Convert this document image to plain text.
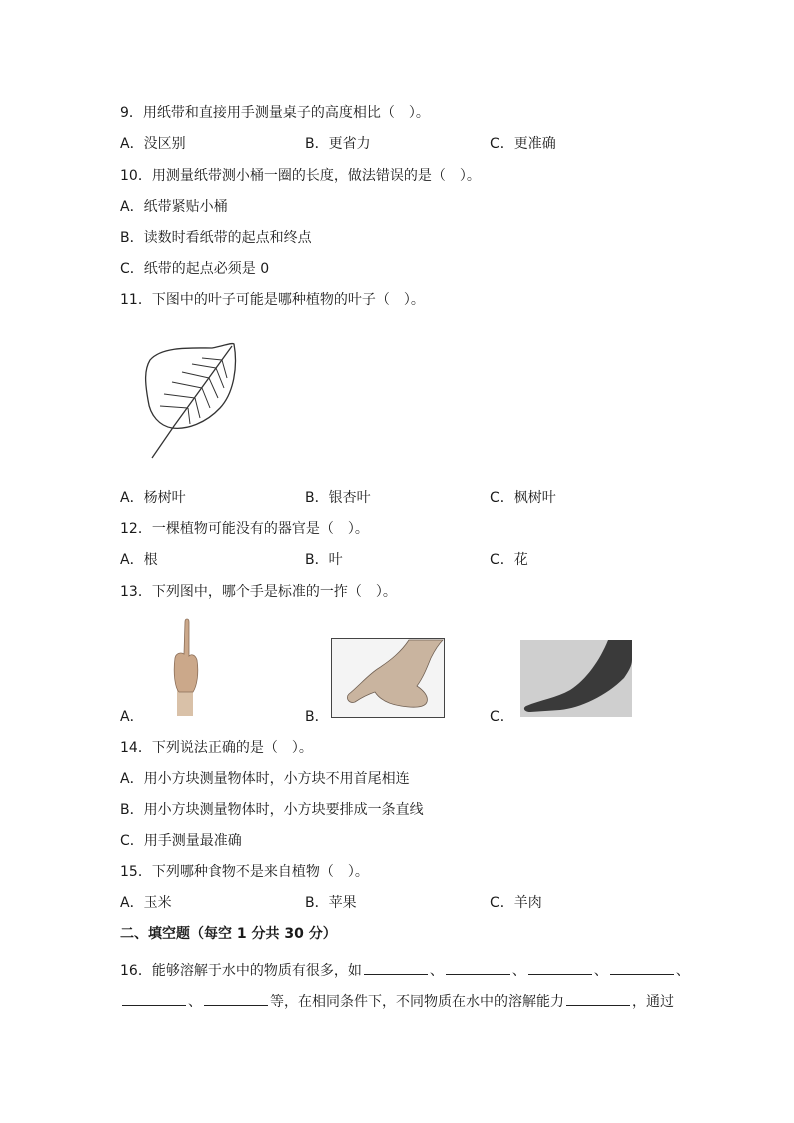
9．用纸带和直接用手测量桌子的高度相比（　）。
A．没区别	B．更省力	C．更准确
10．用测量纸带测小桶一圈的长度，做法错误的是（　）。
A．纸带紧贴小桶
B．读数时看纸带的起点和终点
C．纸带的起点必须是 0
11．下图中的叶子可能是哪种植物的叶子（　）。
A．杨树叶	B．银杏叶	C．枫树叶
12．一棵植物可能没有的器官是（　）。
A．根	B．叶	C．花
13．下列图中，哪个手是标准的一拃（　）。
A．	B．	C．
14．下列说法正确的是（　）。
A．用小方块测量物体时，小方块不用首尾相连
B．用小方块测量物体时，小方块要排成一条直线
C．用手测量最准确
15．下列哪种食物不是来自植物（　）。
A．玉米	B．苹果	C．羊肉
二、填空题（每空 1 分共 30 分）
16．能够溶解于水中的物质有很多，如	、	、	、	、
、	等，在相同条件下，不同物质在水中的溶解能力	，通过
